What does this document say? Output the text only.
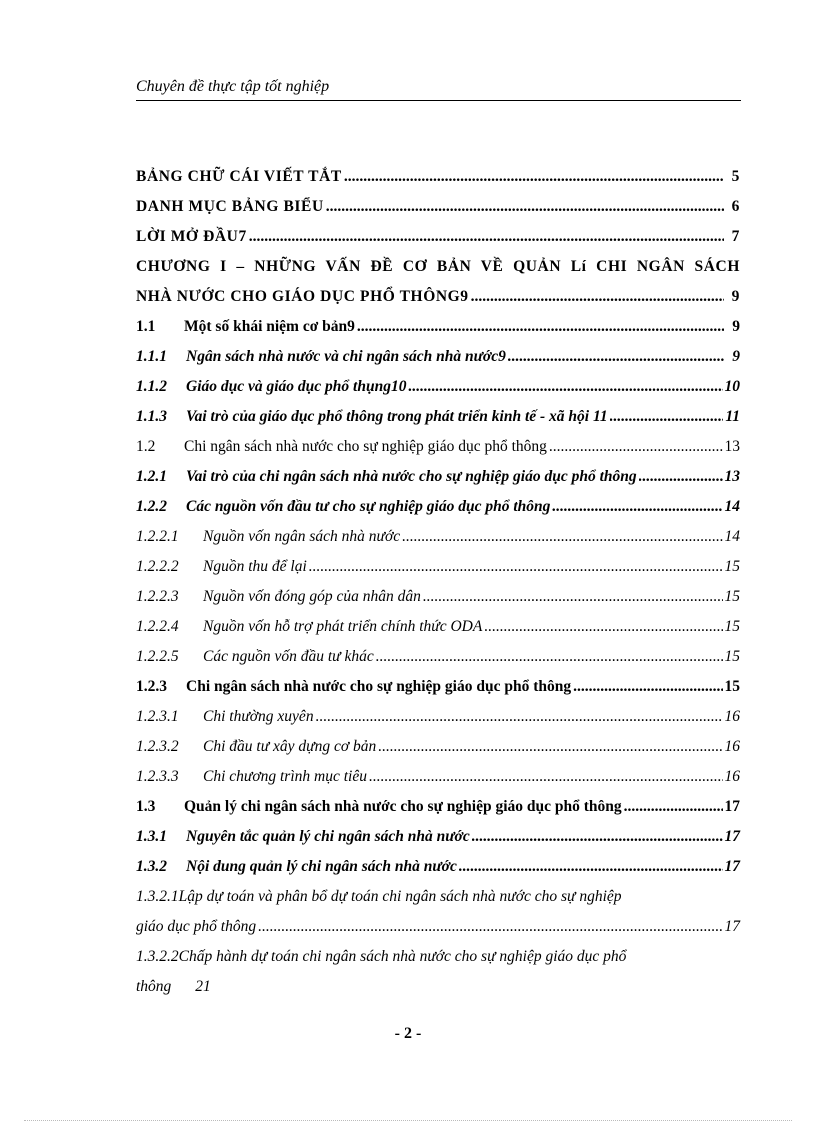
Chuyên đề thực tập tốt nghiệp
BẢNG CHỮ CÁI VIẾT TẮT .....	5
DANH MỤC BẢNG BIỂU .....	6
LỜI MỞ ĐẦU7 .....	7
CHƯƠNG I – NHỮNG VẤN ĐỀ CƠ BẢN VỀ QUẢN Lí CHI NGÂN SÁCH
NHÀ NƯỚC CHO GIÁO DỤC PHỔ THÔNG9 .....	9
1.1	Một số khái niệm cơ bản9 .....	9
1.1.1	Ngân sách nhà nước và chi ngân sách nhà nước9 .....	9
1.1.2	Giáo dục và giáo dục phổ thụng10 .....	10
1.1.3	Vai trò của giáo dục phổ thông trong phát triển kinh tế - xã hội 11 .....	11
1.2	Chi ngân sách nhà nước cho sự nghiệp giáo dục phổ thông .....	13
1.2.1	Vai trò của chi ngân sách nhà nước cho sự nghiệp giáo dục phổ thông .....	13
1.2.2	Các nguồn vốn đầu tư cho sự nghiệp giáo dục phổ thông .....	14
1.2.2.1	Nguồn vốn ngân sách nhà nước .....	14
1.2.2.2	Nguồn thu để lại .....	15
1.2.2.3	Nguồn vốn đóng góp của nhân dân .....	15
1.2.2.4	Nguồn vốn hỗ trợ phát triển chính thức ODA .....	15
1.2.2.5	Các nguồn vốn đầu tư khác .....	15
1.2.3	Chi ngân sách nhà nước cho sự nghiệp giáo dục phổ thông .....	15
1.2.3.1	Chi thường xuyên .....	16
1.2.3.2	Chi đầu tư xây dựng cơ bản .....	16
1.2.3.3	Chi chương trình mục tiêu .....	16
1.3	Quản lý chi ngân sách nhà nước cho sự nghiệp giáo dục phổ thông .....	17
1.3.1	Nguyên tắc quản lý chi ngân sách nhà nước .....	17
1.3.2	Nội dung quản lý chi ngân sách nhà nước .....	17
1.3.2.1Lập dự toán và phân bổ dự toán chi ngân sách nhà nước cho sự nghiệp
giáo dục phổ thông .....	17
1.3.2.2Chấp hành dự toán chi ngân sách nhà nước cho sự nghiệp giáo dục phổ
thông 21
- 2 -
